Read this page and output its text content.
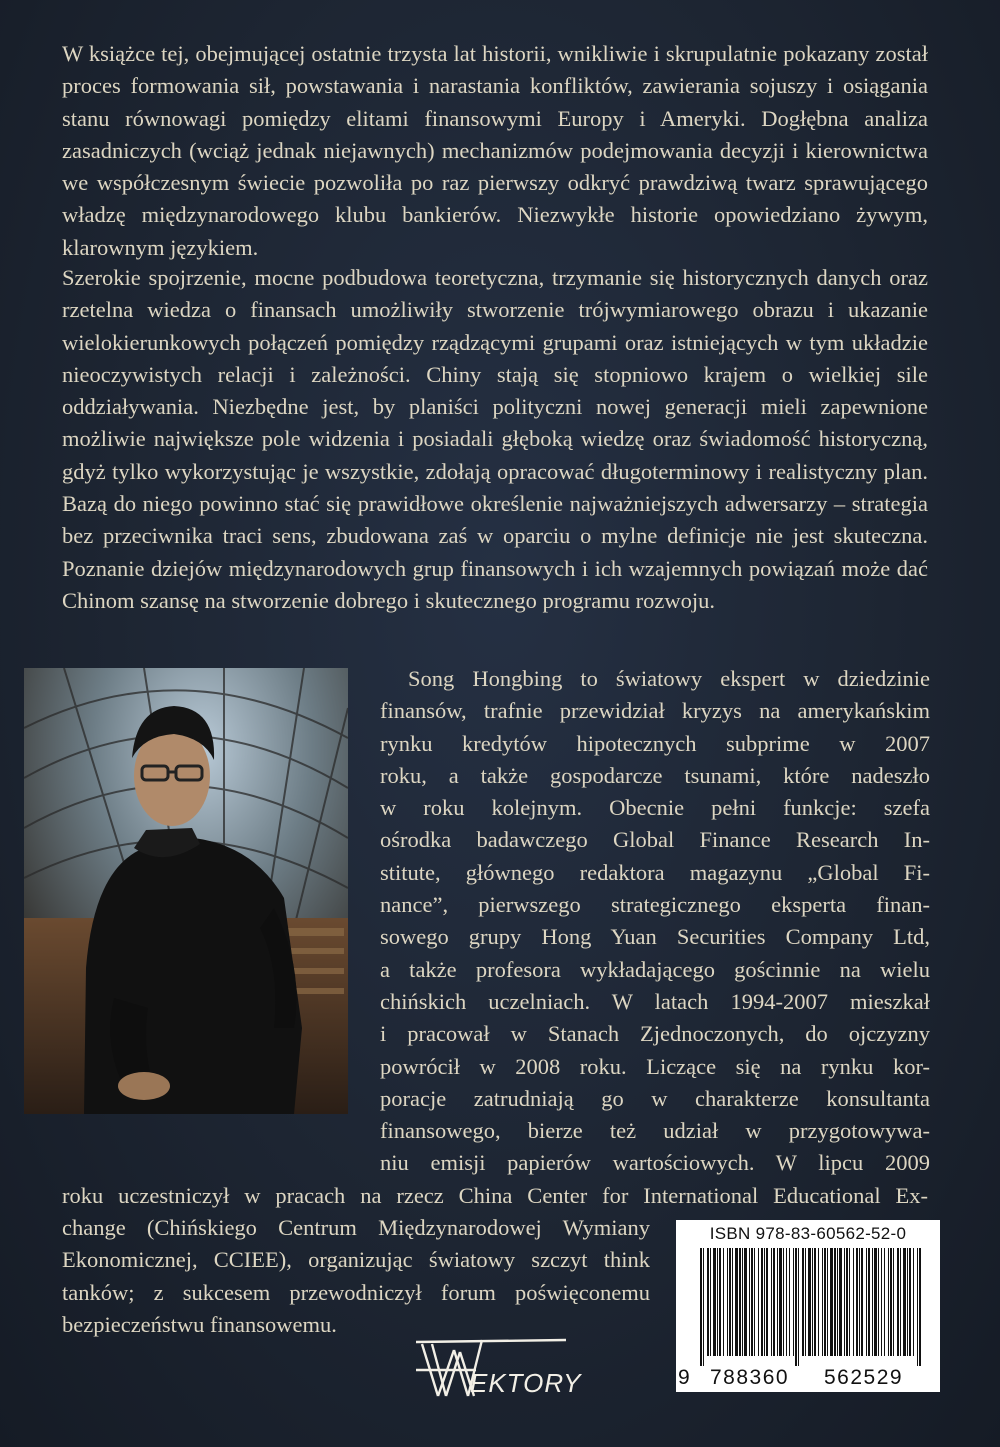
W książce tej, obejmującej ostatnie trzysta lat historii, wnikliwie i skrupulatnie pokazany został proces formowania sił, powstawania i narastania konfliktów, zawierania sojuszy i osiągania stanu równowagi pomiędzy elitami finansowymi Europy i Ameryki. Dogłębna analiza zasadniczych (wciąż jednak niejawnych) mechanizmów podejmowania decyzji i kierownictwa we współczesnym świecie pozwoliła po raz pierwszy odkryć prawdziwą twarz sprawującego władzę międzynarodowego klubu bankierów. Niezwykłe historie opowiedziano żywym, klarownym językiem.

Szerokie spojrzenie, mocne podbudowa teoretyczna, trzymanie się historycznych danych oraz rzetelna wiedza o finansach umożliwiły stworzenie trójwymiarowego obrazu i ukazanie wielokierunkowych połączeń pomiędzy rządzącymi grupami oraz istniejących w tym układzie nieoczywistych relacji i zależności. Chiny stają się stopniowo krajem o wielkiej sile oddziaływania. Niezbędne jest, by planiści polityczni nowej generacji mieli zapewnione możliwie największe pole widzenia i posiadali głęboką wiedzę oraz świadomość historyczną, gdyż tylko wykorzystując je wszystkie, zdołają opracować długoterminowy i realistyczny plan. Bazą do niego powinno stać się prawidłowe określenie najważniejszych adwersarzy – strategia bez przeciwnika traci sens, zbudowana zaś w oparciu o mylne definicje nie jest skuteczna. Poznanie dziejów międzynarodowych grup finansowych i ich wzajemnych powiązań może dać Chinom szansę na stworzenie dobrego i skutecznego programu rozwoju.

Song Hongbing to światowy ekspert w dziedzinie
finansów, trafnie przewidział kryzys na amerykańskim
rynku kredytów hipotecznych subprime w 2007
roku, a także gospodarcze tsunami, które nadeszło
w roku kolejnym. Obecnie pełni funkcje: szefa
ośrodka badawczego Global Finance Research In-
stitute, głównego redaktora magazynu „Global Fi-
nance”, pierwszego strategicznego eksperta finan-
sowego grupy Hong Yuan Securities Company Ltd,
a także profesora wykładającego gościnnie na wielu
chińskich uczelniach. W latach 1994-2007 mieszkał
i pracował w Stanach Zjednoczonych, do ojczyzny
powrócił w 2008 roku. Liczące się na rynku kor-
poracje zatrudniają go w charakterze konsultanta
finansowego, bierze też udział w przygotowywa-
niu emisji papierów wartościowych. W lipcu 2009
roku uczestniczył w pracach na rzecz China Center for International Educational Ex-
change (Chińskiego Centrum Międzynarodowej Wymiany
Ekonomicznej, CCIEE), organizując światowy szczyt think
tanków; z sukcesem przewodniczył forum poświęconemu
bezpieczeństwu finansowemu.
ISBN 978-83-60562-52-0
9 788360 562529
EKTORY
